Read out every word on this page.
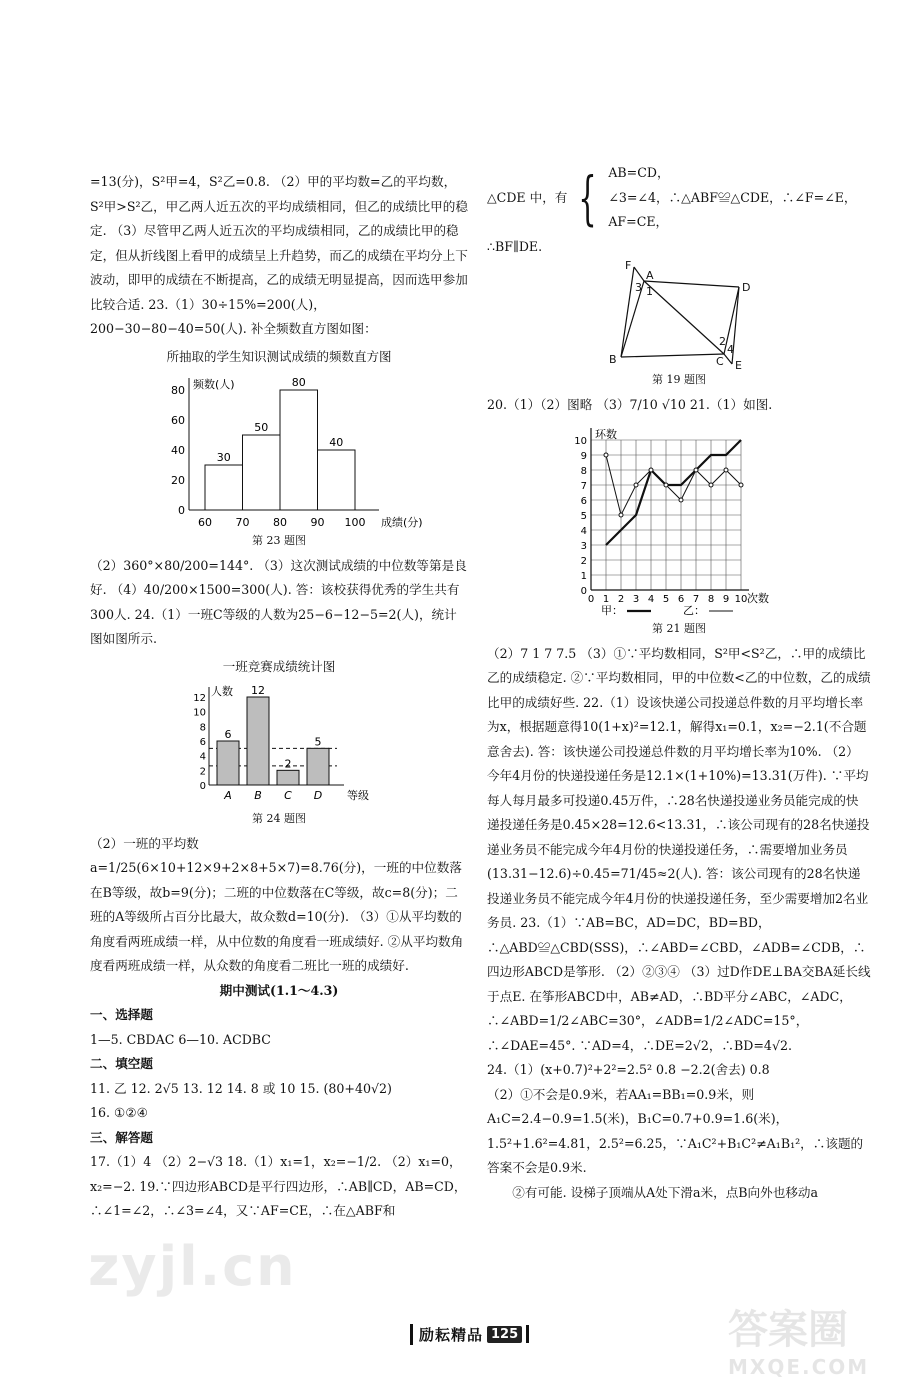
=13(分)，S²甲=4，S²乙=0.8. （2）甲的平均数=乙的平均数，S²甲>S²乙，甲乙两人近五次的平均成绩相同，但乙的成绩比甲的稳定. （3）尽管甲乙两人近五次的平均成绩相同，乙的成绩比甲的稳定，但从折线图上看甲的成绩呈上升趋势，而乙的成绩在平均分上下波动，即甲的成绩在不断提高，乙的成绩无明显提高，因而选甲参加比较合适. 23.（1）30÷15%=200(人)，200−30−80−40=50(人). 补全频数直方图如图：

所抽取的学生知识测试成绩的频数直方图
频数(人)
成绩(分)
0
20
40
60
80
60 70 80 90 100
30
50
80
40
第 23 题图

（2）360°×80/200=144°. （3）这次测试成绩的中位数等第是良好. （4）40/200×1500=300(人). 答：该校获得优秀的学生共有300人. 24.（1）一班C等级的人数为25−6−12−5=2(人)，统计图如图所示.

一班竞赛成绩统计图
人数
等级
0
2
4
6
8
10
12
6
A
12
B
2
C
5
D
第 24 题图

（2）一班的平均数 a=1/25(6×10+12×9+2×8+5×7)=8.76(分)，一班的中位数落在B等级，故b=9(分)；二班的中位数落在C等级，故c=8(分)；二班的A等级所占百分比最大，故众数d=10(分). （3）①从平均数的角度看两班成绩一样，从中位数的角度看一班成绩好. ②从平均数角度看两班成绩一样，从众数的角度看二班比一班的成绩好.

期中测试(1.1～4.3)

一、选择题

1—5. CBDAC 6—10. ACDBC

二、填空题

11. 乙 12. 2√5 13. 12 14. 8 或 10 15. (80+40√2)

16. ①②④

三、解答题

17.（1）4 （2）2−√3 18.（1）x₁=1，x₂=−1/2. （2）x₁=0，x₂=−2. 19.∵四边形ABCD是平行四边形，∴AB∥CD，AB=CD，∴∠1=∠2，∴∠3=∠4，又∵AF=CE，∴在△ABF和

△CDE 中，有 { AB=CD，
∠3=∠4，∴△ABF≌△CDE，∴∠F=∠E，
AF=CE，

∴BF∥DE.

F
A
3 1	D
B	C E
2
4
第 19 题图

20.（1）（2）图略 （3）7/10 √10 21.（1）如图.

0
0
1
1
2
2
3
3
4
4
5
5
6
6
7
7
8
8
9
9
10
10
环数
次数
甲：	乙：
第 21 题图

（2）7 1 7 7.5 （3）①∵平均数相同，S²甲<S²乙，∴甲的成绩比乙的成绩稳定. ②∵平均数相同，甲的中位数<乙的中位数，乙的成绩比甲的成绩好些. 22.（1）设该快递公司投递总件数的月平均增长率为x，根据题意得10(1+x)²=12.1，解得x₁=0.1，x₂=−2.1(不合题意舍去). 答：该快递公司投递总件数的月平均增长率为10%. （2）今年4月份的快递投递任务是12.1×(1+10%)=13.31(万件). ∵平均每人每月最多可投递0.45万件，∴28名快递投递业务员能完成的快递投递任务是0.45×28=12.6<13.31，∴该公司现有的28名快递投递业务员不能完成今年4月份的快递投递任务，∴需要增加业务员(13.31−12.6)÷0.45=71/45≈2(人). 答：该公司现有的28名快递投递业务员不能完成今年4月份的快递投递任务，至少需要增加2名业务员. 23.（1）∵AB=BC，AD=DC，BD=BD，∴△ABD≌△CBD(SSS)，∴∠ABD=∠CBD，∠ADB=∠CDB，∴四边形ABCD是筝形. （2）②③④ （3）过D作DE⊥BA交BA延长线于点E. 在筝形ABCD中，AB≠AD，∴BD平分∠ABC，∠ADC，∴∠ABD=1/2∠ABC=30°，∠ADB=1/2∠ADC=15°，∴∠DAE=45°. ∵AD=4，∴DE=2√2，∴BD=4√2.

24.（1）(x+0.7)²+2²=2.5² 0.8 −2.2(舍去) 0.8

（2）①不会是0.9米，若AA₁=BB₁=0.9米，则A₁C=2.4−0.9=1.5(米)，B₁C=0.7+0.9=1.6(米)，1.5²+1.6²=4.81，2.5²=6.25，∵A₁C²+B₁C²≠A₁B₁²，∴该题的答案不会是0.9米.

②有可能. 设梯子顶端从A处下滑a米，点B向外也移动a

zyjl.cn
答案圈
MXQE.COM
励耘精品 125
